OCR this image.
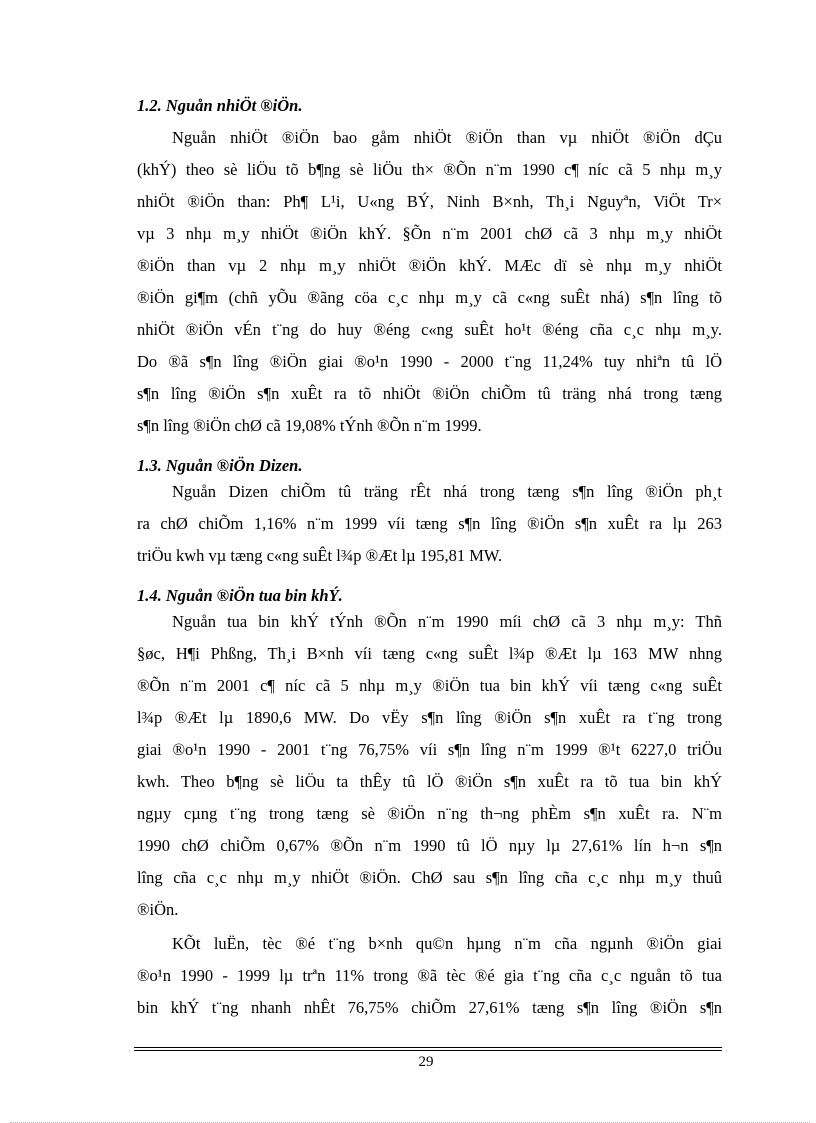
1.2. Nguån nhiÖt ®iÖn.
Nguån nhiÖt ®iÖn bao gåm nhiÖt ®iÖn than vµ nhiÖt ®iÖn dÇu
(khÝ) theo sè liÖu tõ b¶ng sè liÖu th× ®Õn n¨m 1990 c¶ níc cã 5 nhµ m¸y
nhiÖt ®iÖn than: Ph¶ L¹i, U«ng BÝ, Ninh B×nh, Th¸i Nguyªn, ViÖt Tr×
vµ 3 nhµ m¸y nhiÖt ®iÖn khÝ. §Õn n¨m 2001 chØ cã 3 nhµ m¸y nhiÖt
®iÖn than vµ 2 nhµ m¸y nhiÖt ®iÖn khÝ. MÆc dï sè nhµ m¸y nhiÖt
®iÖn gi¶m (chñ yÕu ®ãng cöa c¸c nhµ m¸y cã c«ng suÊt nhá) s¶n lîng tõ
nhiÖt ®iÖn vÉn t¨ng do huy ®éng c«ng suÊt ho¹t ®éng cña c¸c nhµ m¸y.
Do ®ã s¶n lîng ®iÖn giai ®o¹n 1990 - 2000 t¨ng 11,24% tuy nhiªn tû lÖ
s¶n lîng ®iÖn s¶n xuÊt ra tõ nhiÖt ®iÖn chiÕm tû träng nhá trong tæng
s¶n lîng ®iÖn chØ cã 19,08% tÝnh ®Õn n¨m 1999.
1.3. Nguån ®iÖn Dizen.
Nguån Dizen chiÕm tû träng rÊt nhá trong tæng s¶n lîng ®iÖn ph¸t
ra chØ chiÕm 1,16% n¨m 1999 víi tæng s¶n lîng ®iÖn s¶n xuÊt ra lµ 263
triÖu kwh vµ tæng c«ng suÊt l¾p ®Æt lµ 195,81 MW.
1.4. Nguån ®iÖn tua bin khÝ.
Nguån tua bin khÝ tÝnh ®Õn n¨m 1990 míi chØ cã 3 nhµ m¸y: Thñ
§øc, H¶i Phßng, Th¸i B×nh víi tæng c«ng suÊt l¾p ®Æt lµ 163 MW nhng
®Õn n¨m 2001 c¶ níc cã 5 nhµ m¸y ®iÖn tua bin khÝ víi tæng c«ng suÊt
l¾p ®Æt lµ 1890,6 MW. Do vËy s¶n lîng ®iÖn s¶n xuÊt ra t¨ng trong
giai ®o¹n 1990 - 2001 t¨ng 76,75% víi s¶n lîng n¨m 1999 ®¹t 6227,0 triÖu
kwh. Theo b¶ng sè liÖu ta thÊy tû lÖ ®iÖn s¶n xuÊt ra tõ tua bin khÝ
ngµy cµng t¨ng trong tæng sè ®iÖn n¨ng th¬ng phÈm s¶n xuÊt ra. N¨m
1990 chØ chiÕm 0,67% ®Õn n¨m 1990 tû lÖ nµy lµ 27,61% lín h¬n s¶n
lîng cña c¸c nhµ m¸y nhiÖt ®iÖn. ChØ sau s¶n lîng cña c¸c nhµ m¸y thuû
®iÖn.
KÕt luËn, tèc ®é t¨ng b×nh qu©n hµng n¨m cña ngµnh ®iÖn giai
®o¹n 1990 - 1999 lµ trªn 11% trong ®ã tèc ®é gia t¨ng cña c¸c nguån tõ tua
bin khÝ t¨ng nhanh nhÊt 76,75% chiÕm 27,61% tæng s¶n lîng ®iÖn s¶n
29
